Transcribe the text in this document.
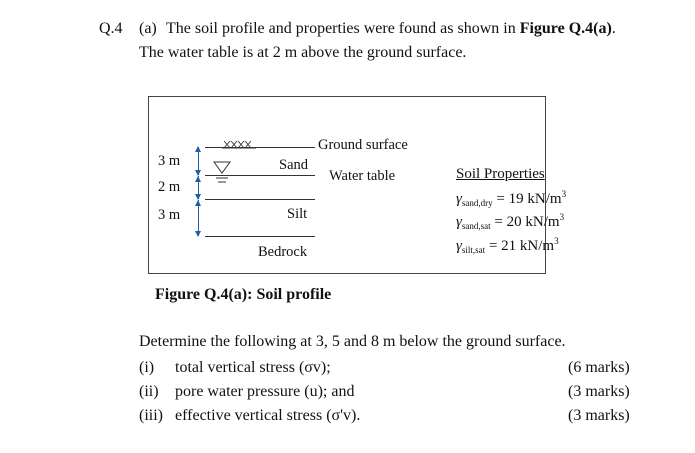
Q.4 (a) The soil profile and properties were found as shown in Figure Q.4(a).
The water table is at 2 m above the ground surface.
3 m
2 m
3 m
Sand
Silt
Bedrock
Ground surface
Water table	Soil Properties
$\gamma_{sand,dry} = 19$ $kN/m^3$
$\gamma_{sand,sat} = 20$ $kN/m^3$
$\gamma_{silt,sat} = 21$ $kN/m^3$
Figure Q.4(a): Soil profile
Determine the following at 3, 5 and 8 m below the ground surface.
(i) total vertical stress (σv);	(6 marks)
(ii) pore water pressure (u); and	(3 marks)
(iii) effective vertical stress (σ'v).	(3 marks)
